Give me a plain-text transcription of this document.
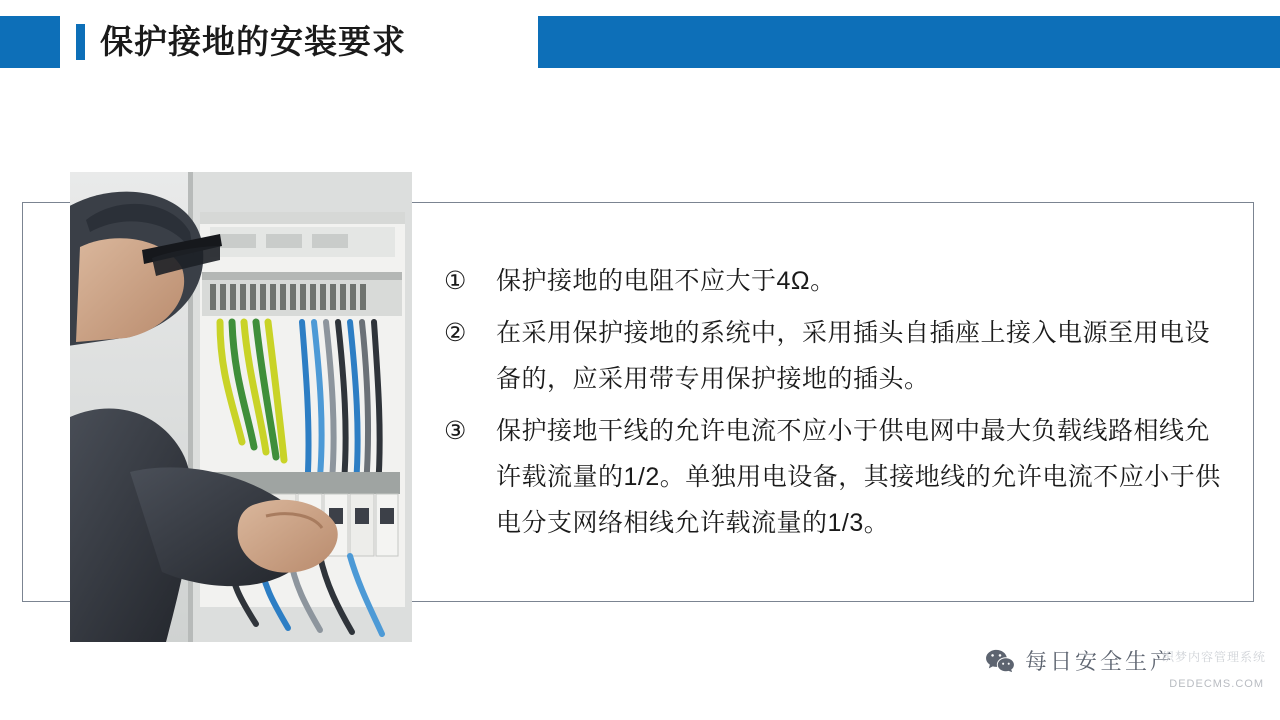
保护接地的安装要求
①	保护接地的电阻不应大于4Ω。
②	在采用保护接地的系统中，采用插头自插座上接入电源至用电设备的，应采用带专用保护接地的插头。
③	保护接地干线的允许电流不应小于供电网中最大负载线路相线允许载流量的1/2。单独用电设备，其接地线的允许电流不应小于供电分支网络相线允许载流量的1/3。
每日安全生产
织梦内容管理系统
DEDECMS.COM
